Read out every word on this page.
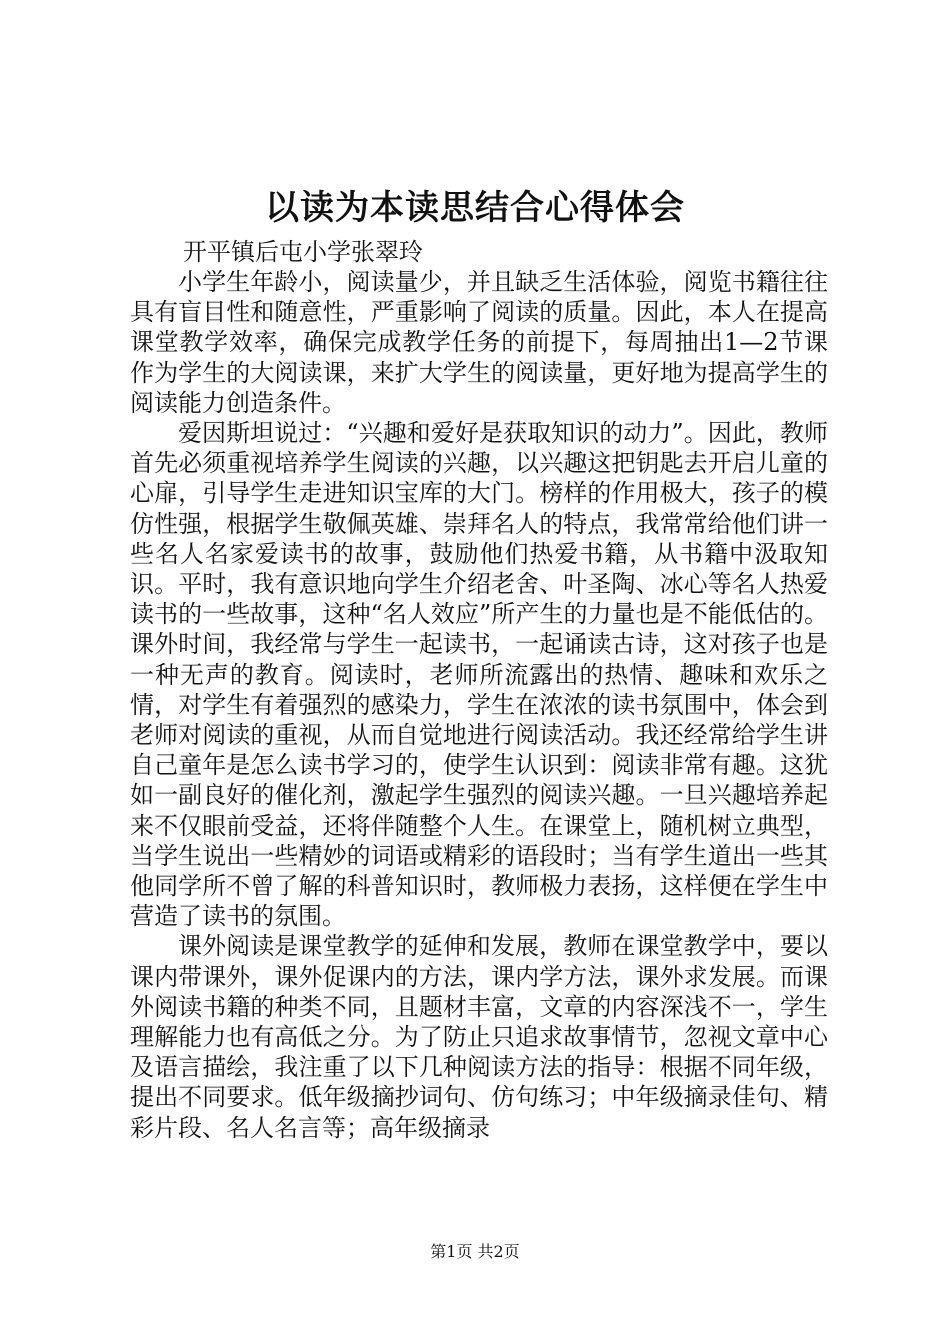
以读为本读思结合心得体会
开平镇后屯小学张翠玲

小学生年龄小，阅读量少，并且缺乏生活体验，阅览书籍往往具有盲目性和随意性，严重影响了阅读的质量。因此，本人在提高课堂教学效率，确保完成教学任务的前提下，每周抽出1—2节课作为学生的大阅读课，来扩大学生的阅读量，更好地为提高学生的阅读能力创造条件。

爱因斯坦说过：“兴趣和爱好是获取知识的动力”。因此，教师首先必须重视培养学生阅读的兴趣，以兴趣这把钥匙去开启儿童的心扉，引导学生走进知识宝库的大门。榜样的作用极大，孩子的模仿性强，根据学生敬佩英雄、崇拜名人的特点，我常常给他们讲一些名人名家爱读书的故事，鼓励他们热爱书籍，从书籍中汲取知识。平时，我有意识地向学生介绍老舍、叶圣陶、冰心等名人热爱读书的一些故事，这种“名人效应”所产生的力量也是不能低估的。课外时间，我经常与学生一起读书，一起诵读古诗，这对孩子也是一种无声的教育。阅读时，老师所流露出的热情、趣味和欢乐之情，对学生有着强烈的感染力，学生在浓浓的读书氛围中，体会到老师对阅读的重视，从而自觉地进行阅读活动。我还经常给学生讲自己童年是怎么读书学习的，使学生认识到：阅读非常有趣。这犹如一副良好的催化剂，激起学生强烈的阅读兴趣。一旦兴趣培养起来不仅眼前受益，还将伴随整个人生。在课堂上，随机树立典型，当学生说出一些精妙的词语或精彩的语段时；当有学生道出一些其他同学所不曾了解的科普知识时，教师极力表扬，这样便在学生中营造了读书的氛围。

课外阅读是课堂教学的延伸和发展，教师在课堂教学中，要以课内带课外，课外促课内的方法，课内学方法，课外求发展。而课外阅读书籍的种类不同，且题材丰富，文章的内容深浅不一，学生理解能力也有高低之分。为了防止只追求故事情节，忽视文章中心及语言描绘，我注重了以下几种阅读方法的指导：根据不同年级，提出不同要求。低年级摘抄词句、仿句练习；中年级摘录佳句、精彩片段、名人名言等；高年级摘录

第1页 共2页
